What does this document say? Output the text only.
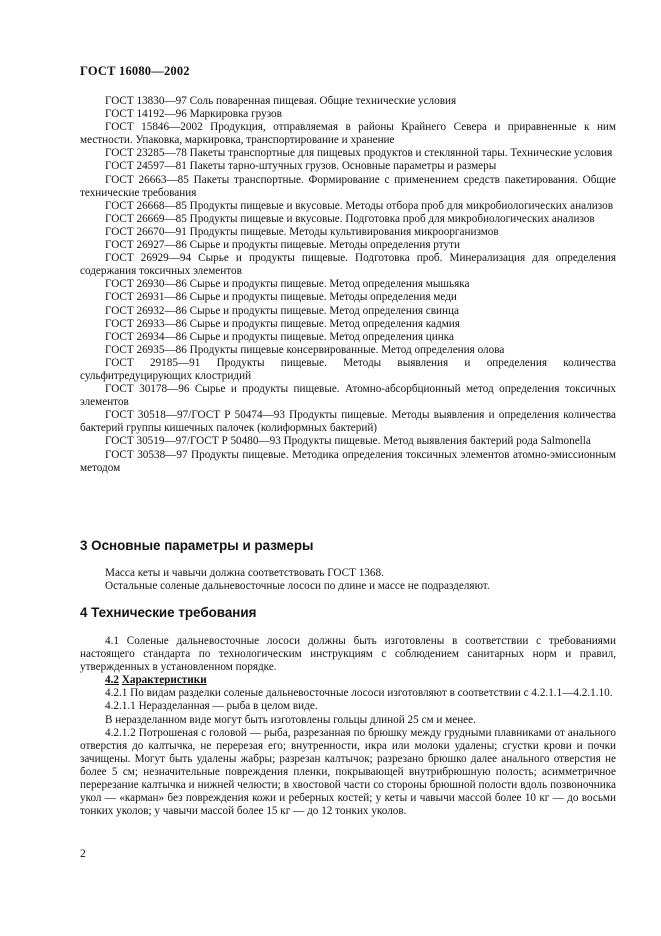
ГОСТ 16080—2002

ГОСТ 13830—97 Соль поваренная пищевая. Общие технические условия

ГОСТ 14192—96 Маркировка грузов

ГОСТ 15846—2002 Продукция, отправляемая в районы Крайнего Севера и приравненные к ним местности. Упаковка, маркировка, транспортирование и хранение

ГОСТ 23285—78 Пакеты транспортные для пищевых продуктов и стеклянной тары. Технические условия

ГОСТ 24597—81 Пакеты тарно-штучных грузов. Основные параметры и размеры

ГОСТ 26663—85 Пакеты транспортные. Формирование с применением средств пакетирования. Общие технические требования

ГОСТ 26668—85 Продукты пищевые и вкусовые. Методы отбора проб для микробиологических анализов

ГОСТ 26669—85 Продукты пищевые и вкусовые. Подготовка проб для микробиологических анализов

ГОСТ 26670—91 Продукты пищевые. Методы культивирования микроорганизмов

ГОСТ 26927—86 Сырье и продукты пищевые. Методы определения ртути

ГОСТ 26929—94 Сырье и продукты пищевые. Подготовка проб. Минерализация для определения содержания токсичных элементов

ГОСТ 26930—86 Сырье и продукты пищевые. Метод определения мышьяка

ГОСТ 26931—86 Сырье и продукты пищевые. Методы определения меди

ГОСТ 26932—86 Сырье и продукты пищевые. Метод определения свинца

ГОСТ 26933—86 Сырье и продукты пищевые. Метод определения кадмия

ГОСТ 26934—86 Сырье и продукты пищевые. Метод определения цинка

ГОСТ 26935—86 Продукты пищевые консервированные. Метод определения олова

ГОСТ 29185—91 Продукты пищевые. Методы выявления и определения количества сульфитредуцирующих клостридий

ГОСТ 30178—96 Сырье и продукты пищевые. Атомно-абсорбционный метод определения токсичных элементов

ГОСТ 30518—97/ГОСТ Р 50474—93 Продукты пищевые. Методы выявления и определения количества бактерий группы кишечных палочек (колиформных бактерий)

ГОСТ 30519—97/ГОСТ Р 50480—93 Продукты пищевые. Метод выявления бактерий рода Salmonella

ГОСТ 30538—97 Продукты пищевые. Методика определения токсичных элементов атомно-эмиссионным методом

3 Основные параметры и размеры

Масса кеты и чавычи должна соответствовать ГОСТ 1368.

Остальные соленые дальневосточные лососи по длине и массе не подразделяют.

4 Технические требования

4.1 Соленые дальневосточные лососи должны быть изготовлены в соответствии с требованиями настоящего стандарта по технологическим инструкциям с соблюдением санитарных норм и правил, утвержденных в установленном порядке.

4.2 Характеристики

4.2.1 По видам разделки соленые дальневосточные лососи изготовляют в соответствии с 4.2.1.1—4.2.1.10.

4.2.1.1 Неразделанная — рыба в целом виде.

В неразделанном виде могут быть изготовлены гольцы длиной 25 см и менее.

4.2.1.2 Потрошеная с головой — рыба, разрезанная по брюшку между грудными плавниками от анального отверстия до калтычка, не перерезая его; внутренности, икра или молоки удалены; сгустки крови и почки зачищены. Могут быть удалены жабры; разрезан калтычок; разрезано брюшко далее анального отверстия не более 5 см; незначительные повреждения пленки, покрывающей внутрибрюшную полость; асимметричное перерезание калтычка и нижней челюсти; в хвостовой части со стороны брюшной полости вдоль позвоночника укол — «карман» без повреждения кожи и реберных костей; у кеты и чавычи массой более 10 кг — до восьми тонких уколов; у чавычи массой более 15 кг — до 12 тонких уколов.

2
